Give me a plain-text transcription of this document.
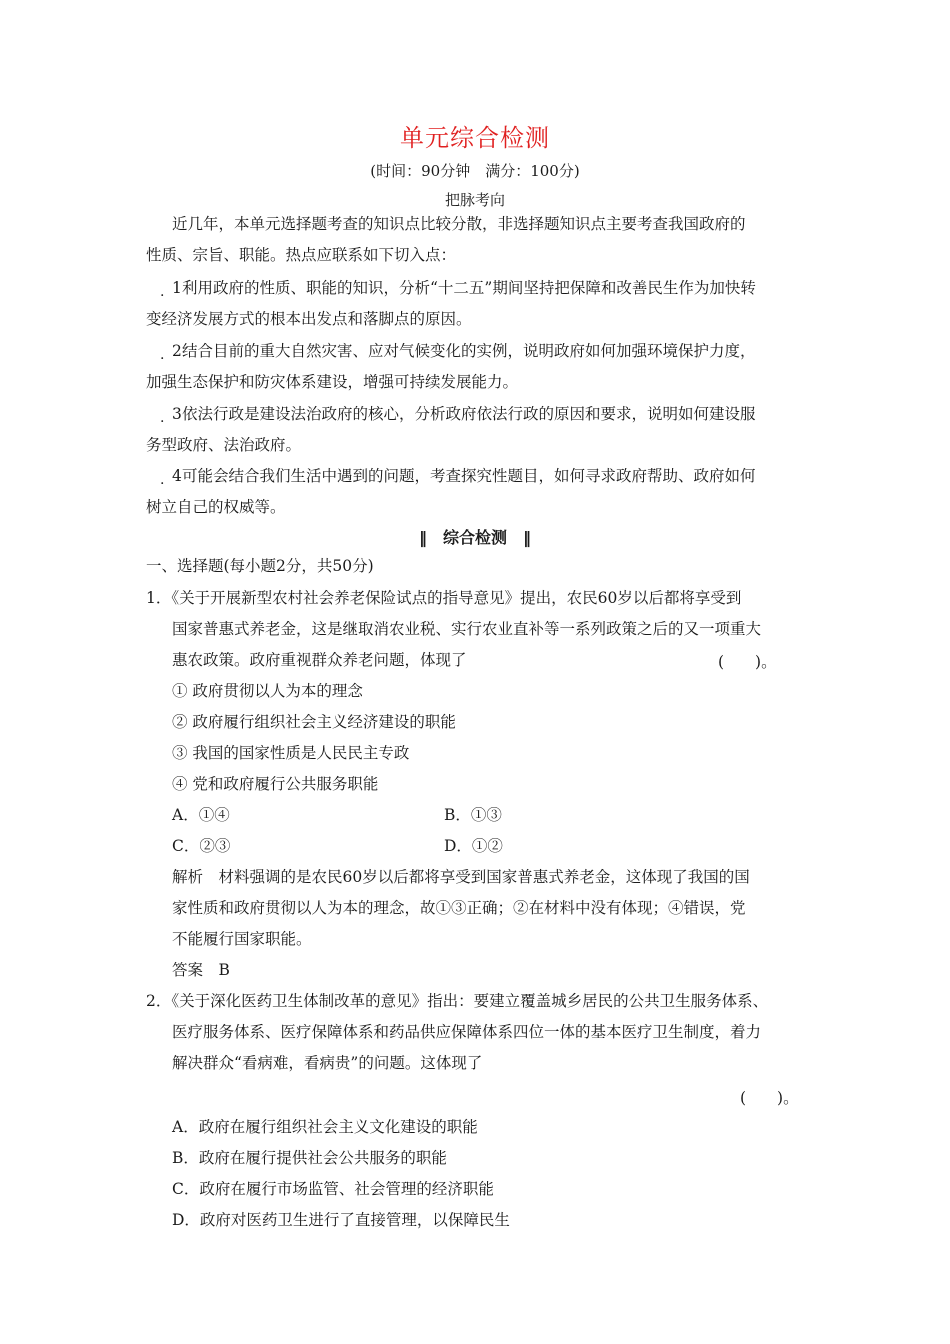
单元综合检测
(时间：90分钟　满分：100分)
把脉考向
近几年，本单元选择题考查的知识点比较分散，非选择题知识点主要考查我国政府的
性质、宗旨、职能。热点应联系如下切入点：
. 1 利用政府的性质、职能的知识，分析“十二五”期间坚持把保障和改善民生作为加快转
变经济发展方式的根本出发点和落脚点的原因。
. 2 结合目前的重大自然灾害、应对气候变化的实例，说明政府如何加强环境保护力度，
加强生态保护和防灾体系建设，增强可持续发展能力。
. 3 依法行政是建设法治政府的核心，分析政府依法行政的原因和要求，说明如何建设服
务型政府、法治政府。
. 4 可能会结合我们生活中遇到的问题，考查探究性题目，如何寻求政府帮助、政府如何
树立自己的权威等。
‖　综合检测　‖
一、选择题(每小题2分，共50分)
1．《关于开展新型农村社会养老保险试点的指导意见》提出，农民60岁以后都将享受到
国家普惠式养老金，这是继取消农业税、实行农业直补等一系列政策之后的又一项重大
惠农政策。政府重视群众养老问题，体现了	(　　)。
① 政府贯彻以人为本的理念
② 政府履行组织社会主义经济建设的职能
③ 我国的国家性质是人民民主专政
④ 党和政府履行公共服务职能
A．①④	B．①③
C．②③	D．①②
解析　材料强调的是农民60岁以后都将享受到国家普惠式养老金，这体现了我国的国
家性质和政府贯彻以人为本的理念，故①③正确；②在材料中没有体现；④错误，党
不能履行国家职能。
答案　B
2．《关于深化医药卫生体制改革的意见》指出：要建立覆盖城乡居民的公共卫生服务体系、
医疗服务体系、医疗保障体系和药品供应保障体系四位一体的基本医疗卫生制度，着力
解决群众“看病难，看病贵”的问题。这体现了
(　　)。
A．政府在履行组织社会主义文化建设的职能
B．政府在履行提供社会公共服务的职能
C．政府在履行市场监管、社会管理的经济职能
D．政府对医药卫生进行了直接管理，以保障民生
